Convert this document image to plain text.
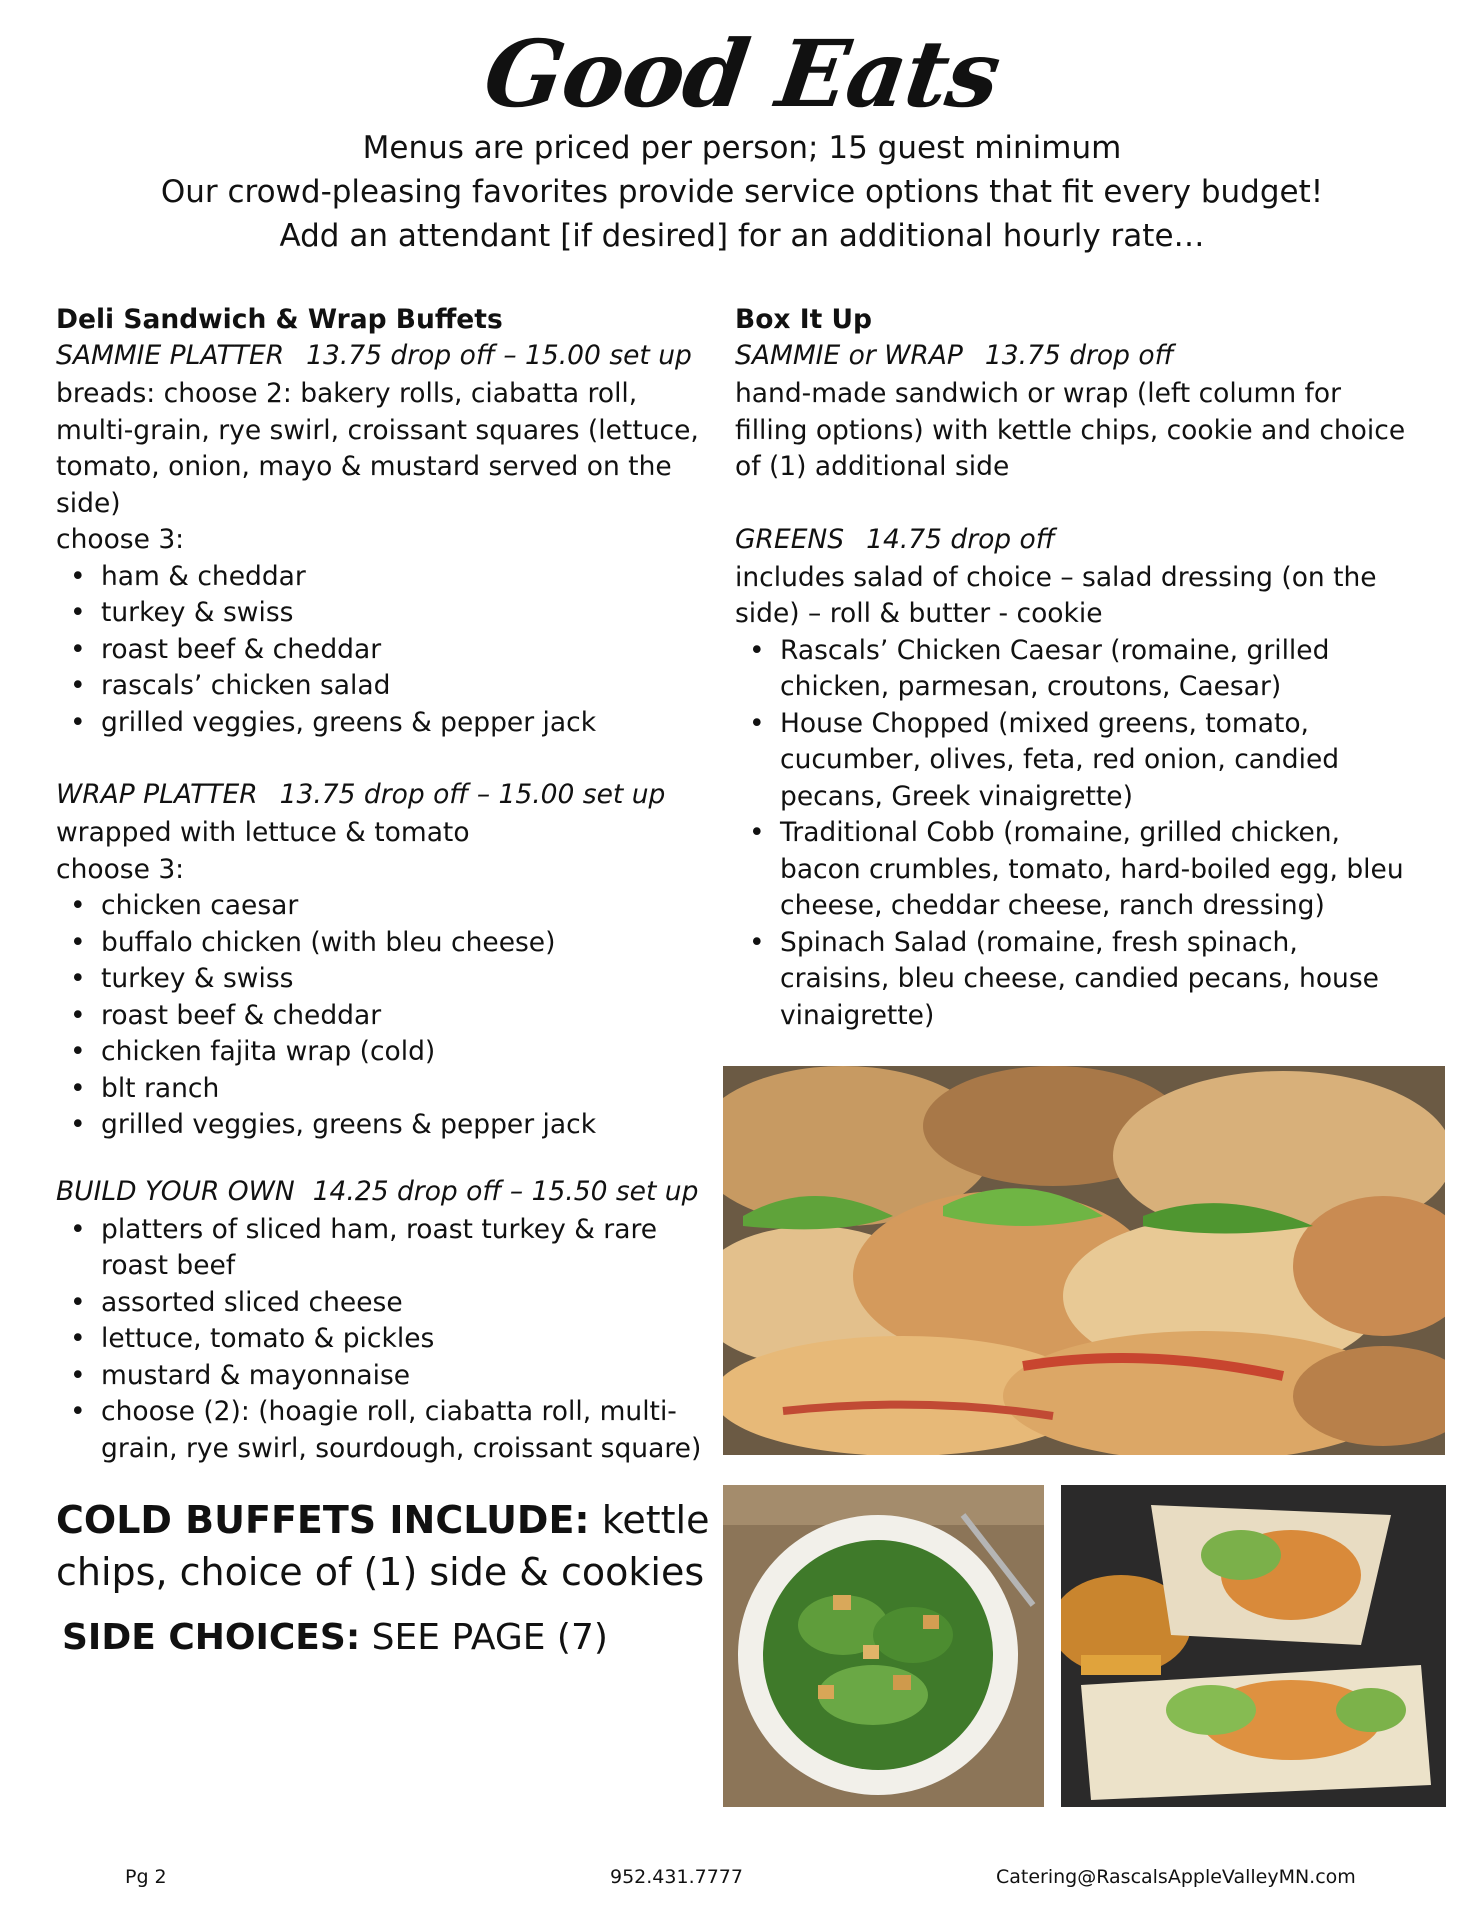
Good Eats
Menus are priced per person; 15 guest minimum
Our crowd-pleasing favorites provide service options that fit every budget!
Add an attendant [if desired] for an additional hourly rate…
Deli Sandwich & Wrap Buffets
SAMMIE PLATTER 13.75 drop off – 15.00 set up
breads: choose 2: bakery rolls, ciabatta roll, multi-grain, rye swirl, croissant squares (lettuce, tomato, onion, mayo & mustard served on the side)
choose 3:
• ham & cheddar
• turkey & swiss
• roast beef & cheddar
• rascals’ chicken salad
• grilled veggies, greens & pepper jack
WRAP PLATTER 13.75 drop off – 15.00 set up
wrapped with lettuce & tomato
choose 3:
• chicken caesar
• buffalo chicken (with bleu cheese)
• turkey & swiss
• roast beef & cheddar
• chicken fajita wrap (cold)
• blt ranch
• grilled veggies, greens & pepper jack
BUILD YOUR OWN 14.25 drop off – 15.50 set up
• platters of sliced ham, roast turkey & rare roast beef
• assorted sliced cheese
• lettuce, tomato & pickles
• mustard & mayonnaise
• choose (2): (hoagie roll, ciabatta roll, multi-grain, rye swirl, sourdough, croissant square)
Box It Up
SAMMIE or WRAP 13.75 drop off
hand-made sandwich or wrap (left column for filling options) with kettle chips, cookie and choice of (1) additional side
GREENS 14.75 drop off
includes salad of choice – salad dressing (on the side) – roll & butter - cookie
• Rascals’ Chicken Caesar (romaine, grilled chicken, parmesan, croutons, Caesar)
• House Chopped (mixed greens, tomato, cucumber, olives, feta, red onion, candied pecans, Greek vinaigrette)
• Traditional Cobb (romaine, grilled chicken, bacon crumbles, tomato, hard-boiled egg, bleu cheese, cheddar cheese, ranch dressing)
• Spinach Salad (romaine, fresh spinach, craisins, bleu cheese, candied pecans, house vinaigrette)
COLD BUFFETS INCLUDE: kettle chips, choice of (1) side & cookies
SIDE CHOICES: SEE PAGE (7)
Pg 2	952.431.7777	Catering@RascalsAppleValleyMN.com
